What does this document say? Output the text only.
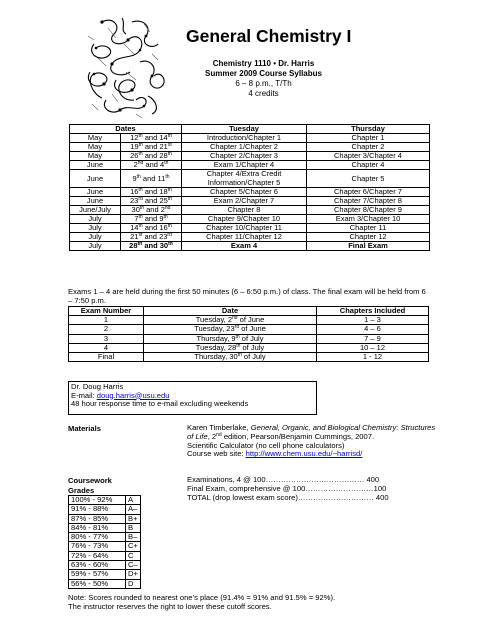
General Chemistry I
Chemistry 1110 • Dr. Harris
Summer 2009 Course Syllabus
6 – 8 p.m., T/Th
4 credits
Dates		Tuesday	Thursday
May	12th and 14th	Introduction/Chapter 1	Chapter 1
May	19th and 21st	Chapter 1/Chapter 2	Chapter 2
May	26th and 28th	Chapter 2/Chapter 3	Chapter 3/Chapter 4
June	2nd and 4th	Exam 1/Chapter 4	Chapter 4
June	9th and 11th	Chapter 4/Extra Credit Information/Chapter 5	Chapter 5
June	16th and 18th	Chapter 5/Chapter 6	Chapter 6/Chapter 7
June	23rd and 25th	Exam 2/Chapter 7	Chapter 7/Chapter 8
June/July	30th and 2nd	Chapter 8	Chapter 8/Chapter 9
July	7th and 9th	Chapter 9/Chapter 10	Exam 3/Chapter 10
July	14th and 16th	Chapter 10/Chapter 11	Chapter 11
July	21st and 23rd	Chapter 11/Chapter 12	Chapter 12
July	28th and 30th	Exam 4	Final Exam
Exams 1 – 4 are held during the first 50 minutes (6 – 6:50 p.m.) of class. The final exam will be held from 6 – 7:50 p.m.
Exam Number	Date	Chapters Included
1	Tuesday, 2nd of June	1 – 3
2	Tuesday, 23rd of June	4 – 6
3	Thursday, 9th of July	7 – 9
4	Tuesday, 28th of July	10 – 12
Final	Thursday, 30th of July	1 - 12
Dr. Doug Harris
E-mail: doug.harris@usu.edu
48 hour response time to e-mail excluding weekends
Materials	Karen Timberlake, General, Organic, and Biological Chemistry: Structures of Life, 2nd edition, Pearson/Benjamin Cummings, 2007.
Scientific Calculator (no cell phone calculators)
Course web site: http://www.chem.usu.edu/~harrisd/
Coursework	Examinations, 4 @ 100………………………………… 400
Final Exam, comprehensive @ 100………………………100
TOTAL (drop lowest exam score)………………………… 400
Grades
100% - 92%	A
91% - 88%	A–
87% - 85%	B+
84% - 81%	B
80% - 77%	B–
76% - 73%	C+
72% - 64%	C
63% - 60%	C–
59% - 57%	D+
56% - 50%	D
Note: Scores rounded to nearest one’s place (91.4% = 91% and 91.5% = 92%).
The instructor reserves the right to lower these cutoff scores.
